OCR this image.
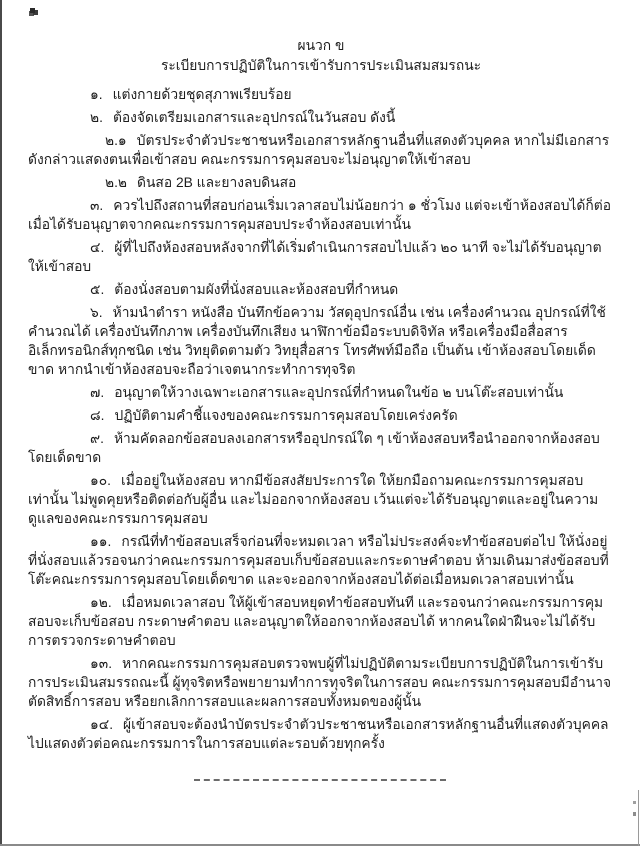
ผนวก ข

ระเบียบการปฏิบัติในการเข้ารับการประเมินสมสมรถนะ

๑. แต่งกายด้วยชุดสุภาพเรียบร้อย

๒. ต้องจัดเตรียมเอกสารและอุปกรณ์ในวันสอบ ดังนี้

๒.๑ บัตรประจำตัวประชาชนหรือเอกสารหลักฐานอื่นที่แสดงตัวบุคคล หากไม่มีเอกสารดังกล่าวแสดงตนเพื่อเข้าสอบ คณะกรรมการคุมสอบจะไม่อนุญาตให้เข้าสอบ

๒.๒ ดินสอ 2B และยางลบดินสอ

๓. ควรไปถึงสถานที่สอบก่อนเริ่มเวลาสอบไม่น้อยกว่า ๑ ชั่วโมง แต่จะเข้าห้องสอบได้ก็ต่อเมื่อได้รับอนุญาตจากคณะกรรมการคุมสอบประจำห้องสอบเท่านั้น

๔. ผู้ที่ไปถึงห้องสอบหลังจากที่ได้เริ่มดำเนินการสอบไปแล้ว ๒๐ นาที จะไม่ได้รับอนุญาตให้เข้าสอบ

๕. ต้องนั่งสอบตามผังที่นั่งสอบและห้องสอบที่กำหนด

๖. ห้ามนำตำรา หนังสือ บันทึกข้อความ วัสดุอุปกรณ์อื่น เช่น เครื่องคำนวณ อุปกรณ์ที่ใช้คำนวณได้ เครื่องบันทึกภาพ เครื่องบันทึกเสียง นาฬิกาข้อมือระบบดิจิทัล หรือเครื่องมือสื่อสารอิเล็กทรอนิกส์ทุกชนิด เช่น วิทยุติดตามตัว วิทยุสื่อสาร โทรศัพท์มือถือ เป็นต้น เข้าห้องสอบโดยเด็ดขาด หากนำเข้าห้องสอบจะถือว่าเจตนากระทำการทุจริต

๗. อนุญาตให้วางเฉพาะเอกสารและอุปกรณ์ที่กำหนดในข้อ ๒ บนโต๊ะสอบเท่านั้น

๘. ปฏิบัติตามคำชี้แจงของคณะกรรมการคุมสอบโดยเคร่งครัด

๙. ห้ามคัดลอกข้อสอบลงเอกสารหรืออุปกรณ์ใด ๆ เข้าห้องสอบหรือนำออกจากห้องสอบโดยเด็ดขาด

๑๐. เมื่ออยู่ในห้องสอบ หากมีข้อสงสัยประการใด ให้ยกมือถามคณะกรรมการคุมสอบเท่านั้น ไม่พูดคุยหรือติดต่อกับผู้อื่น และไม่ออกจากห้องสอบ เว้นแต่จะได้รับอนุญาตและอยู่ในความดูแลของคณะกรรมการคุมสอบ

๑๑. กรณีที่ทำข้อสอบเสร็จก่อนที่จะหมดเวลา หรือไม่ประสงค์จะทำข้อสอบต่อไป ให้นั่งอยู่ที่นั่งสอบแล้วรอจนกว่าคณะกรรมการคุมสอบเก็บข้อสอบและกระดาษคำตอบ ห้ามเดินมาส่งข้อสอบที่โต๊ะคณะกรรมการคุมสอบโดยเด็ดขาด และจะออกจากห้องสอบได้ต่อเมื่อหมดเวลาสอบเท่านั้น

๑๒. เมื่อหมดเวลาสอบ ให้ผู้เข้าสอบหยุดทำข้อสอบทันที และรอจนกว่าคณะกรรมการคุมสอบจะเก็บข้อสอบ กระดาษคำตอบ และอนุญาตให้ออกจากห้องสอบได้ หากคนใดฝ่าฝืนจะไม่ได้รับการตรวจกระดาษคำตอบ

๑๓. หากคณะกรรมการคุมสอบตรวจพบผู้ที่ไม่ปฏิบัติตามระเบียบการปฏิบัติในการเข้ารับการประเมินสมรรถณะนี้ ผู้ทุจริตหรือพยายามทำการทุจริตในการสอบ คณะกรรมการคุมสอบมีอำนาจตัดสิทธิ์การสอบ หรือยกเลิกการสอบและผลการสอบทั้งหมดของผู้นั้น

๑๔. ผู้เข้าสอบจะต้องนำบัตรประจำตัวประชาชนหรือเอกสารหลักฐานอื่นที่แสดงตัวบุคคลไปแสดงตัวต่อคณะกรรมการในการสอบแต่ละรอบด้วยทุกครั้ง
